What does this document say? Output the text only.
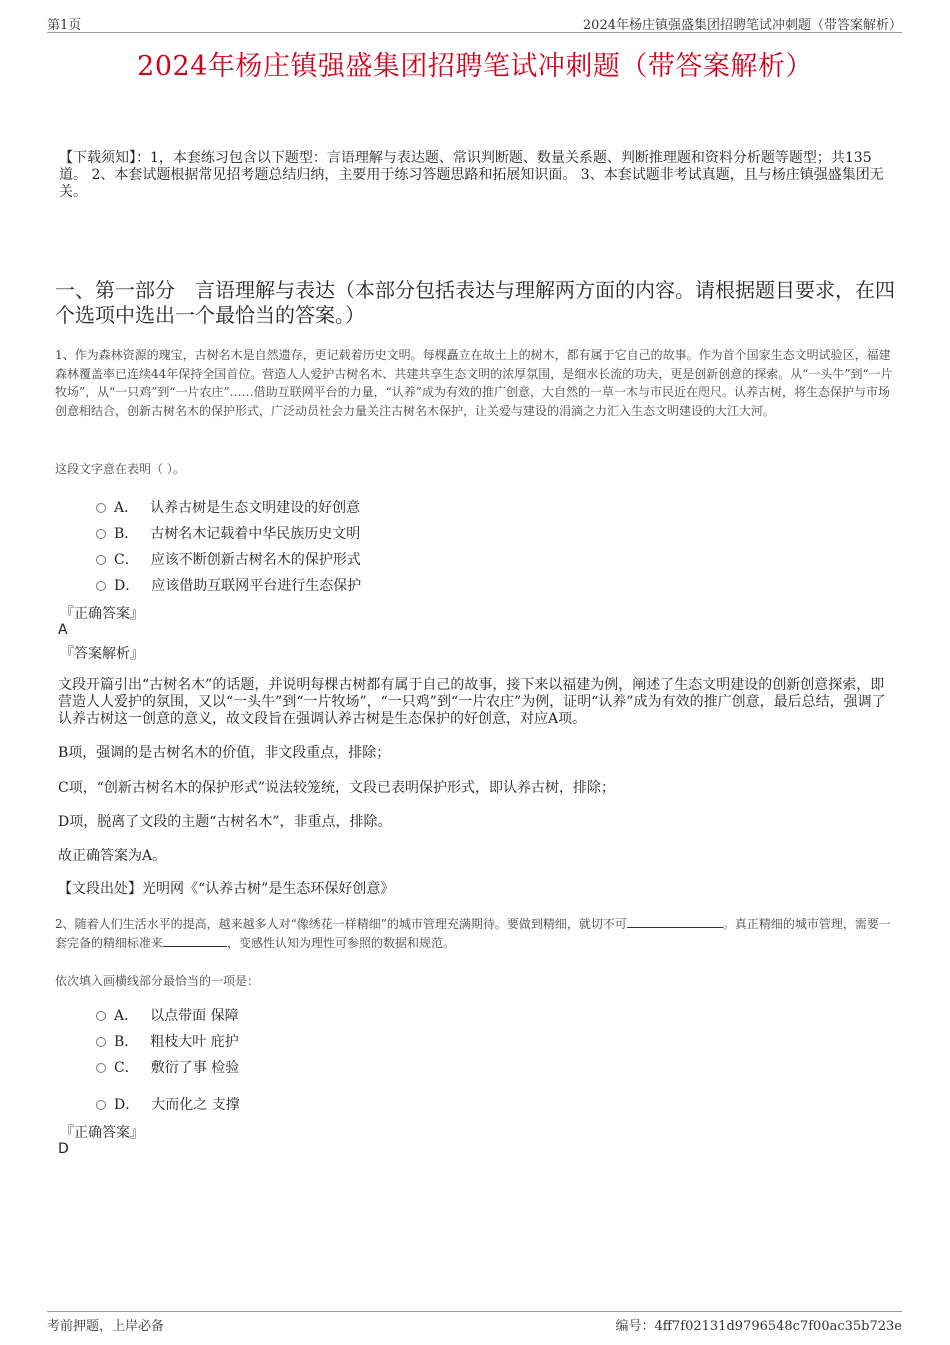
第1页	2024年杨庄镇强盛集团招聘笔试冲刺题（带答案解析）
2024年杨庄镇强盛集团招聘笔试冲刺题（带答案解析）
【下载须知】：1，本套练习包含以下题型：言语理解与表达题、常识判断题、数量关系题、判断推理题和资料分析题等题型；共135道。 2、本套试题根据常见招考题总结归纳，主要用于练习答题思路和拓展知识面。 3、本套试题非考试真题，且与杨庄镇强盛集团无关。
一、第一部分　言语理解与表达（本部分包括表达与理解两方面的内容。请根据题目要求，在四个选项中选出一个最恰当的答案。）
1、作为森林资源的瑰宝，古树名木是自然遗存，更记载着历史文明。每棵矗立在故土上的树木，都有属于它自己的故事。作为首个国家生态文明试验区，福建森林覆盖率已连续44年保持全国首位。营造人人爱护古树名木、共建共享生态文明的浓厚氛围，是细水长流的功夫，更是创新创意的探索。从“一头牛”到“一片牧场”，从“一只鸡”到“一片农庄”……借助互联网平台的力量，“认养”成为有效的推广创意，大自然的一草一木与市民近在咫尺。认养古树，将生态保护与市场创意相结合，创新古树名木的保护形式，广泛动员社会力量关注古树名木保护，让关爱与建设的涓滴之力汇入生态文明建设的大江大河。
这段文字意在表明（ ）。
A． 认养古树是生态文明建设的好创意
B． 古树名木记载着中华民族历史文明
C． 应该不断创新古树名木的保护形式
D． 应该借助互联网平台进行生态保护
『正确答案』
A
『答案解析』
文段开篇引出“古树名木”的话题，并说明每棵古树都有属于自己的故事，接下来以福建为例，阐述了生态文明建设的创新创意探索，即营造人人爱护的氛围，又以“一头牛”到“一片牧场”，“一只鸡”到“一片农庄”为例，证明“认养”成为有效的推广创意，最后总结，强调了认养古树这一创意的意义，故文段旨在强调认养古树是生态保护的好创意，对应A项。
B项，强调的是古树名木的价值，非文段重点，排除；
C项，“创新古树名木的保护形式”说法较笼统，文段已表明保护形式，即认养古树，排除；
D项，脱离了文段的主题“古树名木”，非重点，排除。
故正确答案为A。
【文段出处】光明网《“认养古树”是生态环保好创意》
2、随着人们生活水平的提高，越来越多人对“像绣花一样精细”的城市管理充满期待。要做到精细，就切不可	。真正精细的城市管理，需要一套完备的精细标准来	，变感性认知为理性可参照的数据和规范。
依次填入画横线部分最恰当的一项是：
A． 以点带面 保障
B． 粗枝大叶 庇护
C． 敷衍了事 检验
D． 大而化之 支撑
『正确答案』
D
考前押题，上岸必备	编号：4ff7f02131d9796548c7f00ac35b723e
